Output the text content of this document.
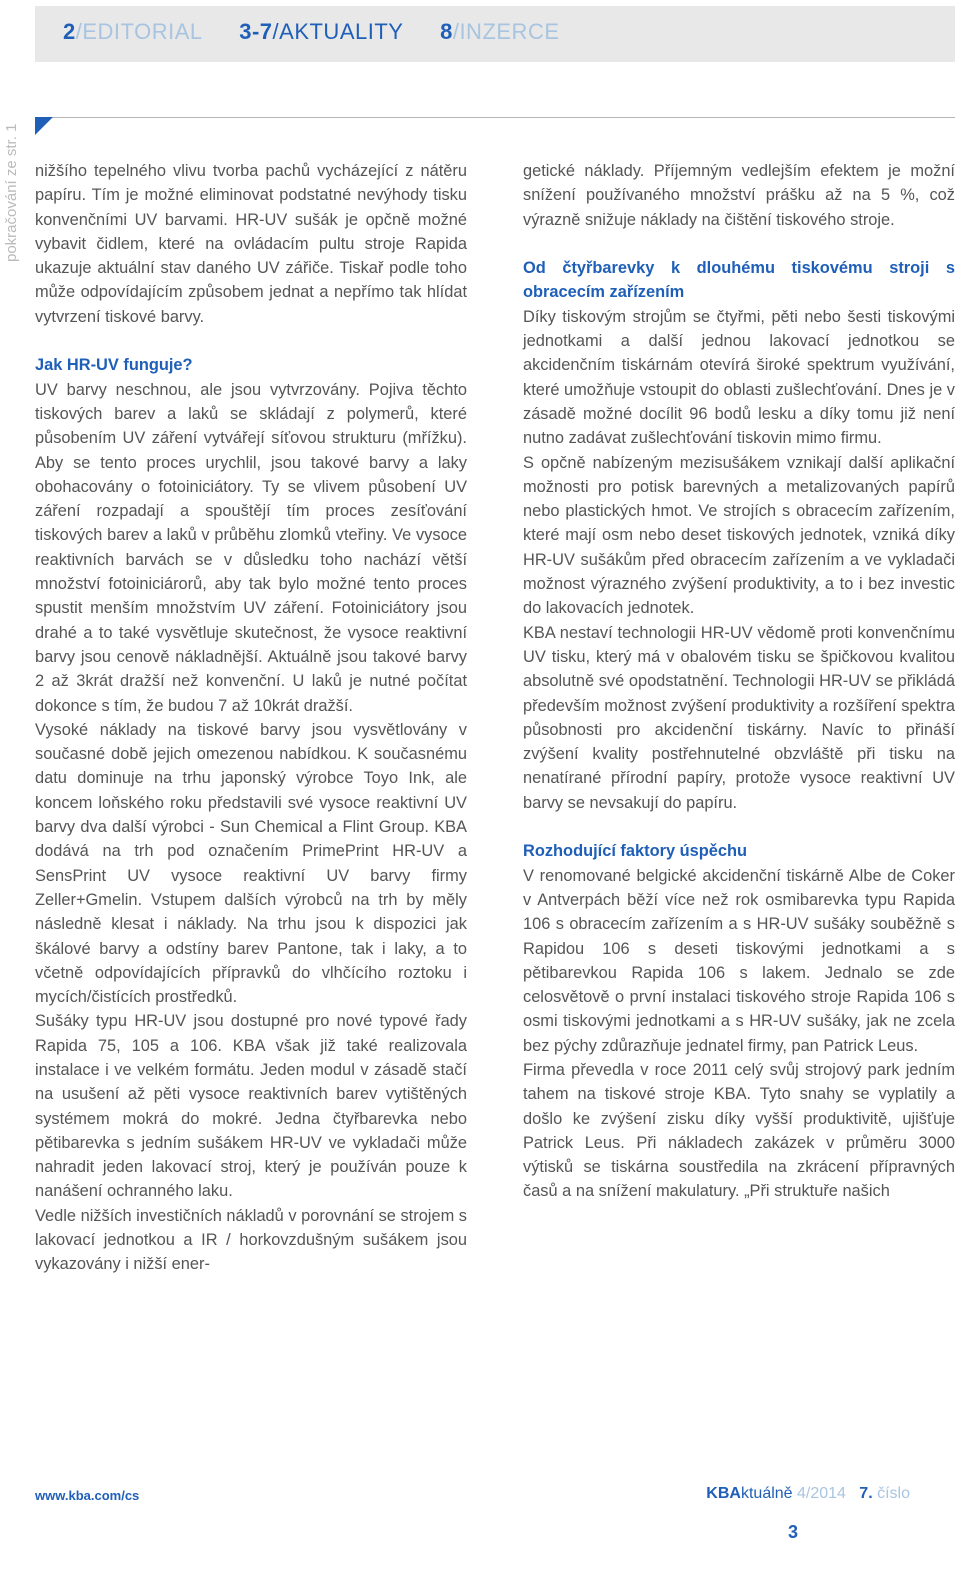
2/EDITORIAL 3-7/AKTUALITY 8/INZERCE
pokračování ze str. 1 nižšího tepelného vlivu tvorba pachů vycházející z nátěru papíru. Tím je možné eliminovat podstatné nevýhody tisku konvenčními UV barvami. HR-UV sušák je opčně možné vybavit čidlem, které na ovládacím pultu stroje Rapida ukazuje aktuální stav daného UV zářiče. Tiskař podle toho může odpovídajícím způsobem jednat a nepřímo tak hlídat vytvrzení tiskové barvy.

Jak HR-UV funguje?

UV barvy neschnou, ale jsou vytvrzovány. Pojiva těchto tiskových barev a laků se skládají z polymerů, které působením UV záření vytvářejí síťovou strukturu (mřížku). Aby se tento proces urychlil, jsou takové barvy a laky obohacovány o fotoiniciátory. Ty se vlivem působení UV záření rozpadají a spouštějí tím proces zesíťování tiskových barev a laků v průběhu zlomků vteřiny. Ve vysoce reaktivních barvách se v důsledku toho nachází větší množství fotoiniciárorů, aby tak bylo možné tento proces spustit menším množstvím UV záření. Fotoiniciátory jsou drahé a to také vysvětluje skutečnost, že vysoce reaktivní barvy jsou cenově nákladnější. Aktuálně jsou takové barvy 2 až 3krát dražší než konvenční. U laků je nutné počítat dokonce s tím, že budou 7 až 10krát dražší.

Vysoké náklady na tiskové barvy jsou vysvětlovány v současné době jejich omezenou nabídkou. K současnému datu dominuje na trhu japonský výrobce Toyo Ink, ale koncem loňského roku představili své vysoce reaktivní UV barvy dva další výrobci - Sun Chemical a Flint Group. KBA dodává na trh pod označením PrimePrint HR-UV a SensPrint UV vysoce reaktivní UV barvy firmy Zeller+Gmelin. Vstupem dalších výrobců na trh by měly následně klesat i náklady. Na trhu jsou k dispozici jak škálové barvy a odstíny barev Pantone, tak i laky, a to včetně odpovídajících přípravků do vlhčícího roztoku i mycích/čistících prostředků.

Sušáky typu HR-UV jsou dostupné pro nové typové řady Rapida 75, 105 a 106. KBA však již také realizovala instalace i ve velkém formátu. Jeden modul v zásadě stačí na usušení až pěti vysoce reaktivních barev vytištěných systémem mokrá do mokré. Jedna čtyřbarevka nebo pětibarevka s jedním sušákem HR-UV ve vykladači může nahradit jeden lakovací stroj, který je používán pouze k nanášení ochranného laku.

Vedle nižších investičních nákladů v porovnání se strojem s lakovací jednotkou a IR / horkovzdušným sušákem jsou vykazovány i nižší ener-

getické náklady. Příjemným vedlejším efektem je možní snížení používaného množství prášku až na 5 %, což výrazně snižuje náklady na čištění tiskového stroje.

Od čtyřbarevky k dlouhému tiskovému stroji s obracecím zařízením

Díky tiskovým strojům se čtyřmi, pěti nebo šesti tiskovými jednotkami a další jednou lakovací jednotkou se akcidenčním tiskárnám otevírá široké spektrum využívání, které umožňuje vstoupit do oblasti zušlechťování. Dnes je v zásadě možné docílit 96 bodů lesku a díky tomu již není nutno zadávat zušlechťování tiskovin mimo firmu.

S opčně nabízeným mezisušákem vznikají další aplikační možnosti pro potisk barevných a metalizovaných papírů nebo plastických hmot. Ve strojích s obracecím zařízením, které mají osm nebo deset tiskových jednotek, vzniká díky HR-UV sušákům před obracecím zařízením a ve vykladači možnost výrazného zvýšení produktivity, a to i bez investic do lakovacích jednotek.

KBA nestaví technologii HR-UV vědomě proti konvenčnímu UV tisku, který má v obalovém tisku se špičkovou kvalitou absolutně své opodstatnění. Technologii HR-UV se přikládá především možnost zvýšení produktivity a rozšíření spektra působnosti pro akcidenční tiskárny. Navíc to přináší zvýšení kvality postřehnutelné obzvláště při tisku na nenatírané přírodní papíry, protože vysoce reaktivní UV barvy se nevsakují do papíru.

Rozhodující faktory úspěchu

V renomované belgické akcidenční tiskárně Albe de Coker v Antverpách běží více než rok osmibarevka typu Rapida 106 s obracecím zařízením a s HR-UV sušáky souběžně s Rapidou 106 s deseti tiskovými jednotkami a s pětibarevkou Rapida 106 s lakem. Jednalo se zde celosvětově o první instalaci tiskového stroje Rapida 106 s osmi tiskovými jednotkami a s HR-UV sušáky, jak ne zcela bez pýchy zdůrazňuje jednatel firmy, pan Patrick Leus.

Firma převedla v roce 2011 celý svůj strojový park jedním tahem na tiskové stroje KBA. Tyto snahy se vyplatily a došlo ke zvýšení zisku díky vyšší produktivitě, ujišťuje Patrick Leus. Při nákladech zakázek v průměru 3000 výtisků se tiskárna soustředila na zkrácení přípravných časů a na snížení makulatury. „Při struktuře našich

www.kba.com/cs	KBAktuálně 4/2014 7. číslo
3
